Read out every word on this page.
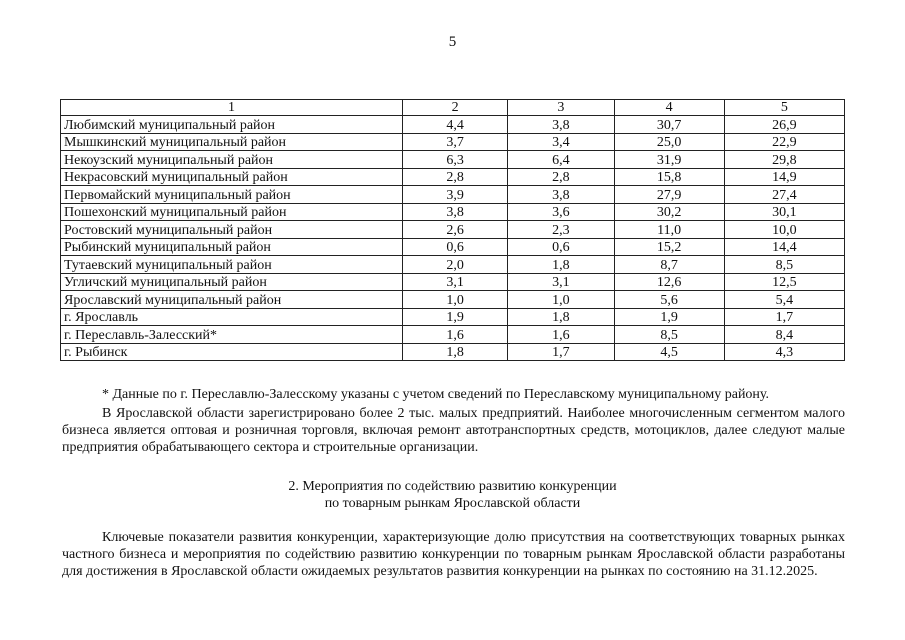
5
1	2	3	4	5
Любимский муниципальный район	4,4	3,8	30,7	26,9
Мышкинский муниципальный район	3,7	3,4	25,0	22,9
Некоузский муниципальный район	6,3	6,4	31,9	29,8
Некрасовский муниципальный район	2,8	2,8	15,8	14,9
Первомайский муниципальный район	3,9	3,8	27,9	27,4
Пошехонский муниципальный район	3,8	3,6	30,2	30,1
Ростовский муниципальный район	2,6	2,3	11,0	10,0
Рыбинский муниципальный район	0,6	0,6	15,2	14,4
Тутаевский муниципальный район	2,0	1,8	8,7	8,5
Угличский муниципальный район	3,1	3,1	12,6	12,5
Ярославский муниципальный район	1,0	1,0	5,6	5,4
г. Ярославль	1,9	1,8	1,9	1,7
г. Переславль-Залесский*	1,6	1,6	8,5	8,4
г. Рыбинск	1,8	1,7	4,5	4,3
* Данные по г. Переславлю-Залесскому указаны с учетом сведений по Переславскому муниципальному району.
В Ярославской области зарегистрировано более 2 тыс. малых предприятий. Наиболее многочисленным сегментом малого бизнеса является оптовая и розничная торговля, включая ремонт автотранспортных средств, мотоциклов, далее следуют малые предприятия обрабатывающего сектора и строительные организации.
2. Мероприятия по содействию развитию конкуренции
по товарным рынкам Ярославской области
Ключевые показатели развития конкуренции, характеризующие долю присутствия на соответствующих товарных рынках частного бизнеса и мероприятия по содействию развитию конкуренции по товарным рынкам Ярославской области разработаны для достижения в Ярославской области ожидаемых результатов развития конкуренции на рынках по состоянию на 31.12.2025.
